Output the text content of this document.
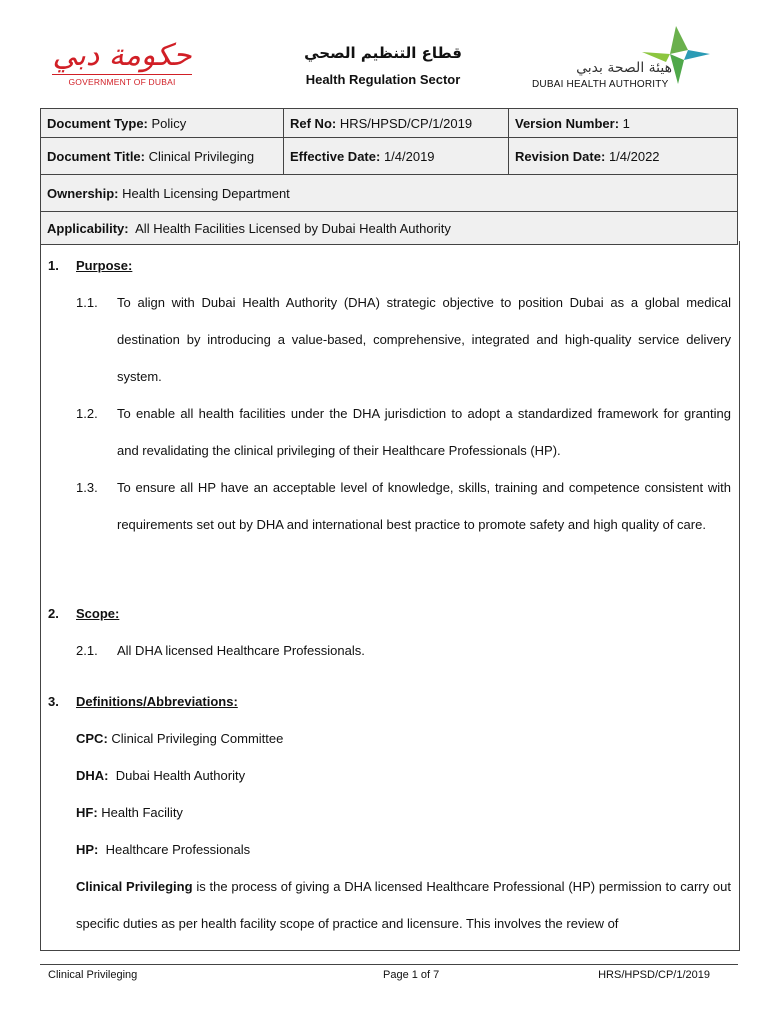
حكومة دبي
GOVERNMENT OF DUBAI
قطاع التنظيم الصحي
Health Regulation Sector
هيئة الصحة بدبي
DUBAI HEALTH AUTHORITY
Document Type: Policy	Ref No: HRS/HPSD/CP/1/2019	Version Number: 1
Document Title: Clinical Privileging	Effective Date: 1/4/2019	Revision Date: 1/4/2022
Ownership: Health Licensing Department		
Applicability: All Health Facilities Licensed by Dubai Health Authority		
1. Purpose:
1.1. To align with Dubai Health Authority (DHA) strategic objective to position Dubai as a global medical destination by introducing a value-based, comprehensive, integrated and high-quality service delivery system.
1.2. To enable all health facilities under the DHA jurisdiction to adopt a standardized framework for granting and revalidating the clinical privileging of their Healthcare Professionals (HP).
1.3. To ensure all HP have an acceptable level of knowledge, skills, training and competence consistent with requirements set out by DHA and international best practice to promote safety and high quality of care.
2. Scope:
2.1. All DHA licensed Healthcare Professionals.
3. Definitions/Abbreviations:
CPC: Clinical Privileging Committee
DHA: Dubai Health Authority
HF: Health Facility
HP: Healthcare Professionals
Clinical Privileging is the process of giving a DHA licensed Healthcare Professional (HP) permission to carry out specific duties as per health facility scope of practice and licensure. This involves the review of
Clinical Privileging	Page 1 of 7	HRS/HPSD/CP/1/2019
